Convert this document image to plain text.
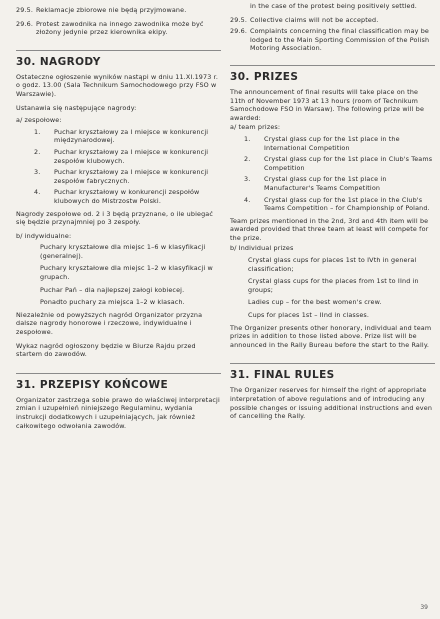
29.5. Reklamacje zbiorowe nie będą przyjmowane.
29.6. Protest zawodnika na innego zawodnika może być złożony jedynie przez kierownika ekipy.
30. NAGRODY

Ostateczne ogłoszenie wyników nastąpi w dniu 11.XI.1973 r. o godz. 13.00 (Sala Technikum Samochodowego przy FSO w Warszawie).

Ustanawia się następujące nagrody:

a/ zespołowe:

1.	Puchar kryształowy za I miejsce w konkurencji międzynarodowej.
2.	Puchar kryształowy za I miejsce w konkurencji zespołów klubowych.
3.	Puchar kryształowy za I miejsce w konkurencji zespołów fabrycznych.
4.	Puchar kryształowy w konkurencji zespołów klubowych do Mistrzostw Polski.

Nagrody zespołowe od. 2 i 3 będą przyznane, o ile ubiegać się będzie przynajmniej po 3 zespoły.

b/ indywidualne:

Puchary kryształowe dla miejsc 1–6 w klasyfikacji (generalnej).

Puchary kryształowe dla miejsc 1–2 w klasyfikacji w grupach.

Puchar Pań – dla najlepszej załogi kobiecej.

Ponadto puchary za miejsca 1–2 w klasach.

Niezależnie od powyższych nagród Organizator przyzna dalsze nagrody honorowe i rzeczowe, indywidualne i zespołowe.

Wykaz nagród ogłoszony będzie w Biurze Rajdu przed startem do zawodów.

31. PRZEPISY KOŃCOWE

Organizator zastrzega sobie prawo do właściwej interpretacji zmian i uzupełnień niniejszego Regulaminu, wydania instrukcji dodatkowych i uzupełniających, jak również całkowitego odwołania zawodów.

in the case of the protest being positively settled.

29.5. Collective claims will not be accepted.
29.6. Complaints concerning the final classification may be lodged to the Main Sporting Commission of the Polish Motoring Association.
30. PRIZES

The announcement of final results will take place on the 11th of November 1973 at 13 hours (room of Technikum Samochodowe FSO in Warsaw). The following prize will be awarded:

a/ team prizes:

1.	Crystal glass cup for the 1st place in the International Competition
2.	Crystal glass cup for the 1st place in Club's Teams Competition
3.	Crystal glass cup for the 1st place in Manufacturer's Teams Competition
4.	Crystal glass cup for the 1st place in the Club's Teams Competition – for Championship of Poland.

Team prizes mentioned in the 2nd, 3rd and 4th item will be awarded provided that three team at least will compete for the prize.

b/ Individual prizes

Crystal glass cups for places 1st to IVth in general classification;

Crystal glass cups for the places from 1st to IInd in groups;

Ladies cup – for the best women's crew.

Cups for places 1st – IInd in classes.

The Organizer presents other honorary, individual and team prizes in addition to those listed above. Prize list will be announced in the Rally Bureau before the start to the Rally.

31. FINAL RULES

The Organizer reserves for himself the right of appropriate interpretation of above regulations and of introducing any possible changes or issuing additional instructions and even of cancelling the Rally.

39
